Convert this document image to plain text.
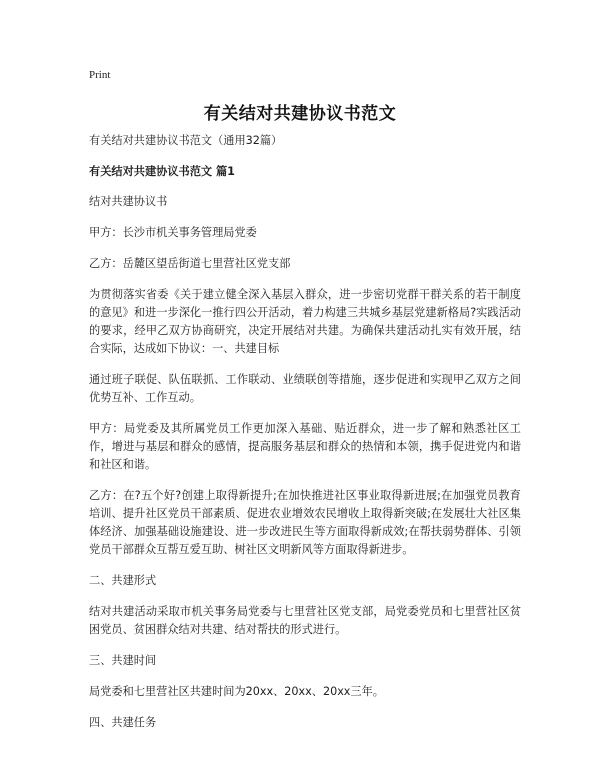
Print
有关结对共建协议书范文

有关结对共建协议书范文（通用32篇）

有关结对共建协议书范文 篇1

结对共建协议书

甲方：长沙市机关事务管理局党委

乙方：岳麓区望岳街道七里营社区党支部

为贯彻落实省委《关于建立健全深入基层入群众，进一步密切党群干群关系的若干制度的意见》和进一步深化一推行四公开活动，着力构建三共城乡基层党建新格局?实践活动的要求，经甲乙双方协商研究，决定开展结对共建。为确保共建活动扎实有效开展，结合实际，达成如下协议：一、共建目标

通过班子联促、队伍联抓、工作联动、业绩联创等措施，逐步促进和实现甲乙双方之间优势互补、工作互动。

甲方：局党委及其所属党员工作更加深入基础、贴近群众，进一步了解和熟悉社区工作，增进与基层和群众的感情，提高服务基层和群众的热情和本领，携手促进党内和谐和社区和谐。

乙方：在?五个好?创建上取得新提升;在加快推进社区事业取得新进展;在加强党员教育培训、提升社区党员干部素质、促进农业增效农民增收上取得新突破;在发展壮大社区集体经济、加强基础设施建设、进一步改进民生等方面取得新成效;在帮扶弱势群体、引领党员干部群众互帮互爱互助、树社区文明新风等方面取得新进步。

二、共建形式

结对共建活动采取市机关事务局党委与七里营社区党支部，局党委党员和七里营社区贫困党员、贫困群众结对共建、结对帮扶的形式进行。

三、共建时间

局党委和七里营社区共建时间为20xx、20xx、20xx三年。

四、共建任务
